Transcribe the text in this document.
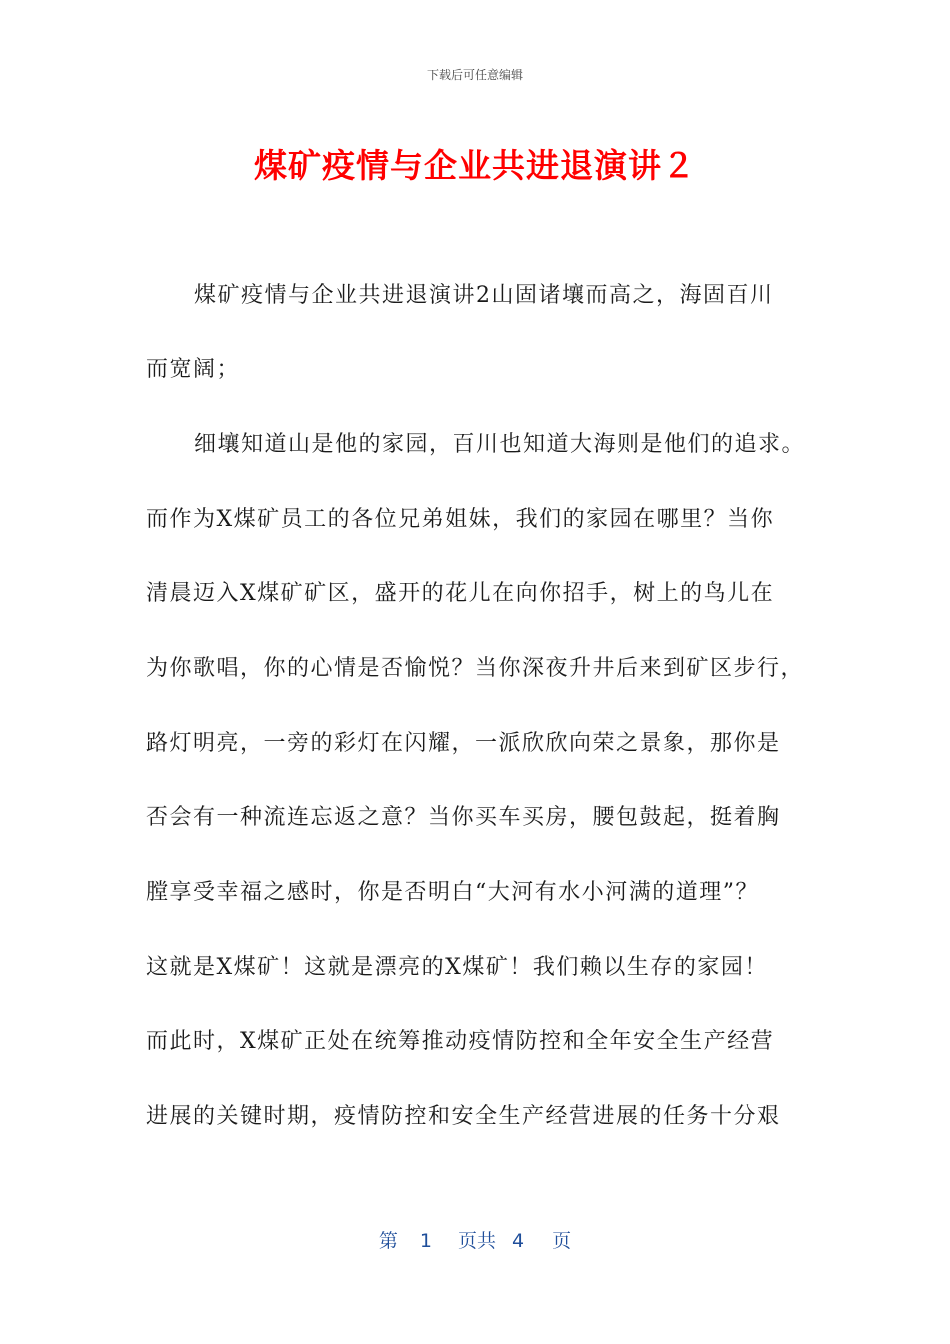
下载后可任意编辑
煤矿疫情与企业共进退演讲２
煤矿疫情与企业共进退演讲2山固诸壤而高之，海固百川
而宽阔；
细壤知道山是他的家园，百川也知道大海则是他们的追求。
而作为X煤矿员工的各位兄弟姐妹，我们的家园在哪里？当你
清晨迈入X煤矿矿区，盛开的花儿在向你招手，树上的鸟儿在
为你歌唱，你的心情是否愉悦？当你深夜升井后来到矿区步行，
路灯明亮，一旁的彩灯在闪耀，一派欣欣向荣之景象，那你是
否会有一种流连忘返之意？当你买车买房，腰包鼓起，挺着胸
膛享受幸福之感时，你是否明白“大河有水小河满的道理”？
这就是X煤矿！这就是漂亮的X煤矿！我们赖以生存的家园！
而此时，X煤矿正处在统筹推动疫情防控和全年安全生产经营
进展的关键时期，疫情防控和安全生产经营进展的任务十分艰
第 1 页共 4 页
